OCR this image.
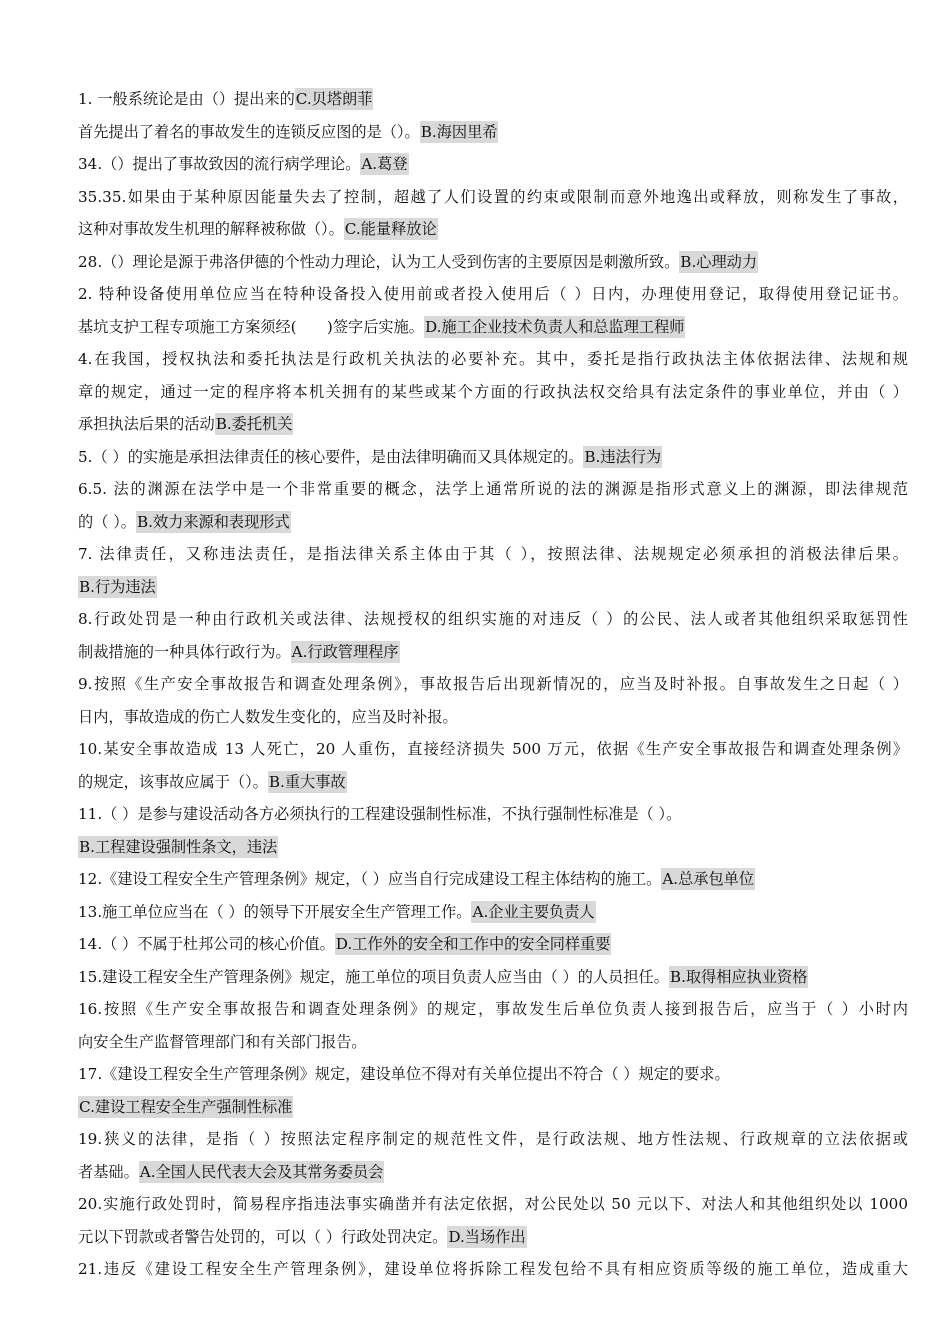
1. 一般系统论是由（）提出来的C.贝塔朗菲
首先提出了着名的事故发生的连锁反应图的是（）。B.海因里希
34.（）提出了事故致因的流行病学理论。A.葛登
35.35.如果由于某种原因能量失去了控制，超越了人们设置的约束或限制而意外地逸出或释放，则称发生了事故，
这种对事故发生机理的解释被称做（）。C.能量释放论
28.（）理论是源于弗洛伊德的个性动力理论，认为工人受到伤害的主要原因是刺激所致。B.心理动力
2. 特种设备使用单位应当在特种设备投入使用前或者投入使用后（ ）日内，办理使用登记，取得使用登记证书。
基坑支护工程专项施工方案须经(　　)签字后实施。D.施工企业技术负责人和总监理工程师
4.在我国，授权执法和委托执法是行政机关执法的必要补充。其中，委托是指行政执法主体依据法律、法规和规
章的规定，通过一定的程序将本机关拥有的某些或某个方面的行政执法权交给具有法定条件的事业单位，并由（ ）
承担执法后果的活动B.委托机关
5.（ ）的实施是承担法律责任的核心要件，是由法律明确而又具体规定的。B.违法行为
6.5. 法的渊源在法学中是一个非常重要的概念，法学上通常所说的法的渊源是指形式意义上的渊源，即法律规范
的（ ）。B.效力来源和表现形式
7. 法律责任，又称违法责任，是指法律关系主体由于其（ ），按照法律、法规规定必须承担的消极法律后果。
B.行为违法
8.行政处罚是一种由行政机关或法律、法规授权的组织实施的对违反（ ）的公民、法人或者其他组织采取惩罚性
制裁措施的一种具体行政行为。A.行政管理程序
9.按照《生产安全事故报告和调查处理条例》，事故报告后出现新情况的，应当及时补报。自事故发生之日起（ ）
日内，事故造成的伤亡人数发生变化的，应当及时补报。
10.某安全事故造成 13 人死亡，20 人重伤，直接经济损失 500 万元，依据《生产安全事故报告和调查处理条例》
的规定，该事故应属于（）。B.重大事故
11.（ ）是参与建设活动各方必须执行的工程建设强制性标准，不执行强制性标准是（ ）。
B.工程建设强制性条文，违法
12.《建设工程安全生产管理条例》规定，（ ）应当自行完成建设工程主体结构的施工。A.总承包单位
13.施工单位应当在（ ）的领导下开展安全生产管理工作。A.企业主要负责人
14.（ ）不属于杜邦公司的核心价值。D.工作外的安全和工作中的安全同样重要
15.建设工程安全生产管理条例》规定，施工单位的项目负责人应当由（ ）的人员担任。B.取得相应执业资格
16.按照《生产安全事故报告和调查处理条例》的规定，事故发生后单位负责人接到报告后，应当于（ ）小时内
向安全生产监督管理部门和有关部门报告。
17.《建设工程安全生产管理条例》规定，建设单位不得对有关单位提出不符合（ ）规定的要求。
C.建设工程安全生产强制性标准
19.狭义的法律，是指（ ）按照法定程序制定的规范性文件，是行政法规、地方性法规、行政规章的立法依据或
者基础。A.全国人民代表大会及其常务委员会
20.实施行政处罚时，简易程序指违法事实确凿并有法定依据，对公民处以 50 元以下、对法人和其他组织处以 1000
元以下罚款或者警告处罚的，可以（ ）行政处罚决定。D.当场作出
21.违反《建设工程安全生产管理条例》，建设单位将拆除工程发包给不具有相应资质等级的施工单位，造成重大
